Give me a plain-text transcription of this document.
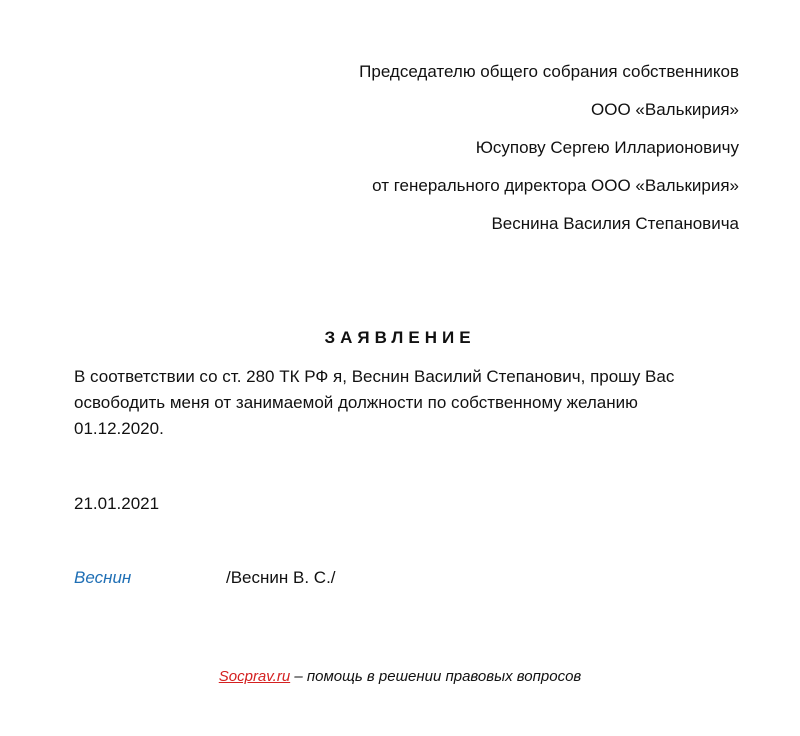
Председателю общего собрания собственников
ООО «Валькирия»
Юсупову Сергею Илларионовичу
от генерального директора ООО «Валькирия»
Веснина Василия Степановича
ЗАЯВЛЕНИЕ
В соответствии со ст. 280 ТК РФ я, Веснин Василий Степанович, прошу Вас
освободить меня от занимаемой должности по собственному желанию
01.12.2020.
21.01.2021
Веснин	/Веснин В. С./
Socprav.ru – помощь в решении правовых вопросов
